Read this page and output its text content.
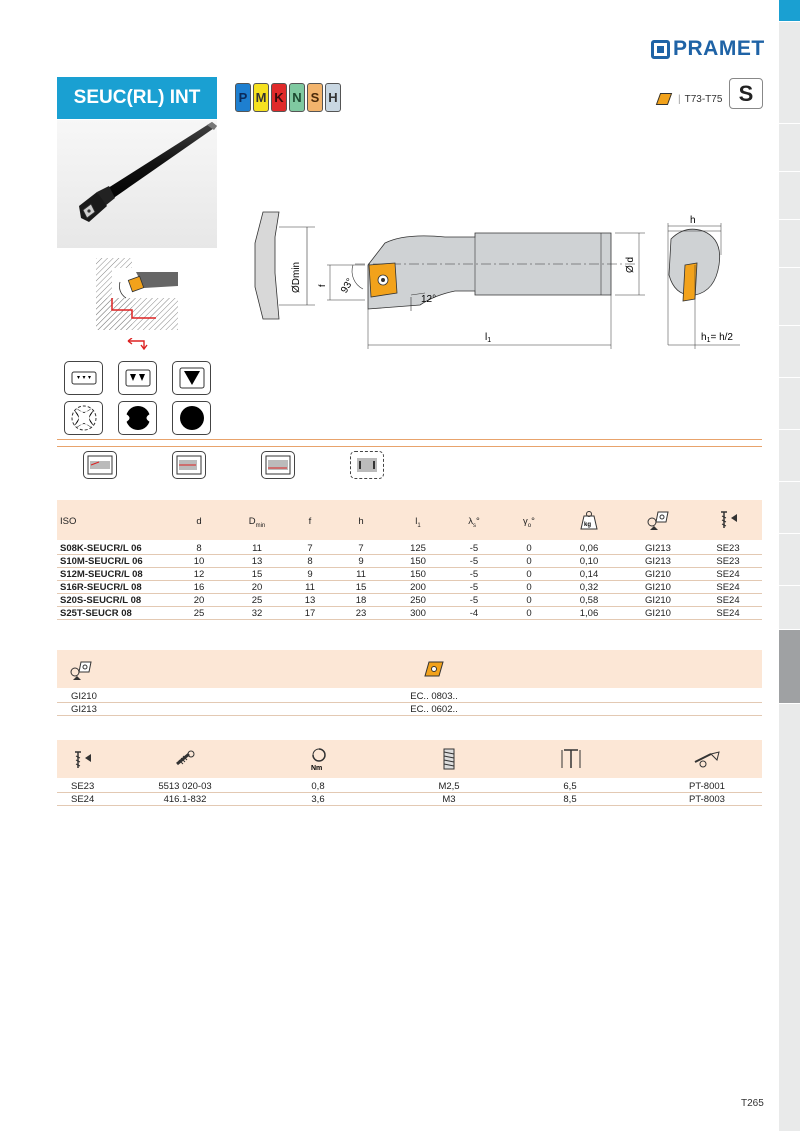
PRAMET
SEUC(RL) INT	P M K N S H	| T73-T75 S
ØDmin	93°
12°
f
Ø d
$l_1$
h
$h_1= h/2$
ISO	d	$D_{min}$	f	h	$l_1$	$\lambda_s^\circ$	$\gamma_o^\circ$	kg
S08K-SEUCR/L 06	8	11	7	7	125	-5	0	0,06	GI213	SE23
S10M-SEUCR/L 06	10	13	8	9	150	-5	0	0,10	GI213	SE23
S12M-SEUCR/L 08	12	15	9	11	150	-5	0	0,14	GI210	SE24
S16R-SEUCR/L 08	16	20	11	15	200	-5	0	0,32	GI210	SE24
S20S-SEUCR/L 08	20	25	13	18	250	-5	0	0,58	GI210	SE24
S25T-SEUCR 08	25	32	17	23	300	-4	0	1,06	GI210	SE24
GI210	EC.. 0803..
GI213	EC.. 0602..
Nm
SE23	5513 020-03	0,8	M2,5	6,5	PT-8001
SE24	416.1-832	3,6	M3	8,5	PT-8003
T265
